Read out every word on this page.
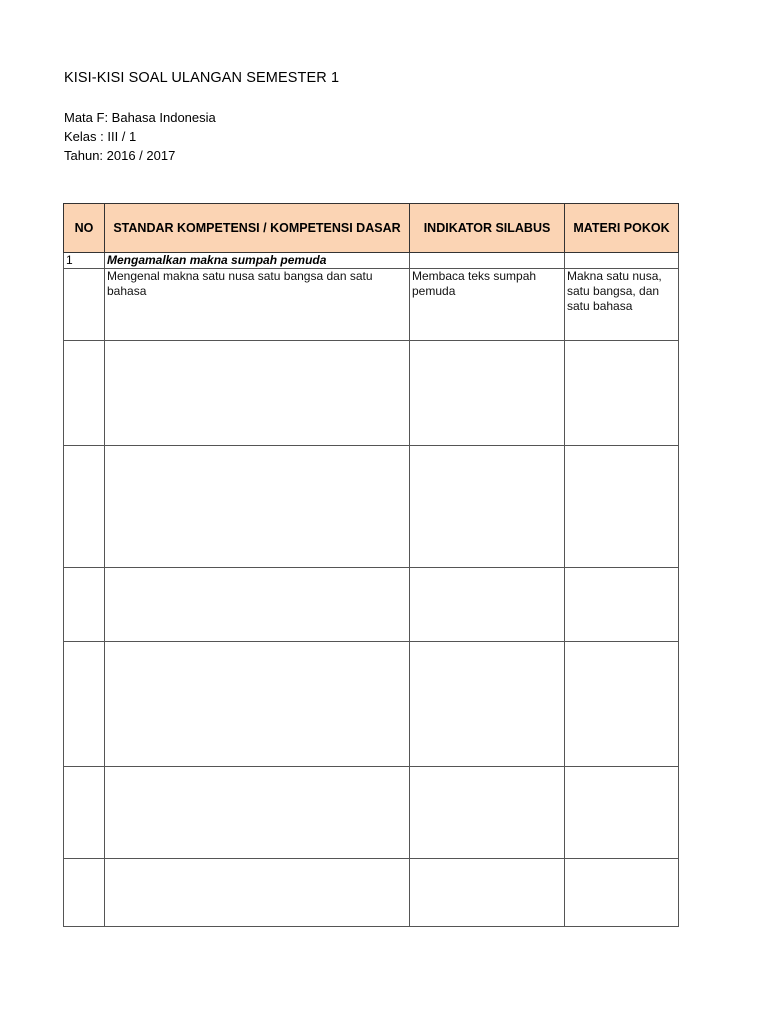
KISI-KISI SOAL ULANGAN SEMESTER 1
Mata F: Bahasa Indonesia
Kelas : III / 1
Tahun: 2016 / 2017
NO	STANDAR KOMPETENSI / KOMPETENSI DASAR	INDIKATOR SILABUS	MATERI POKOK
1	Mengamalkan makna sumpah pemuda		
	Mengenal makna satu nusa satu bangsa dan satu bahasa	Membaca teks sumpah pemuda	Makna satu nusa, satu bangsa, dan satu bahasa
